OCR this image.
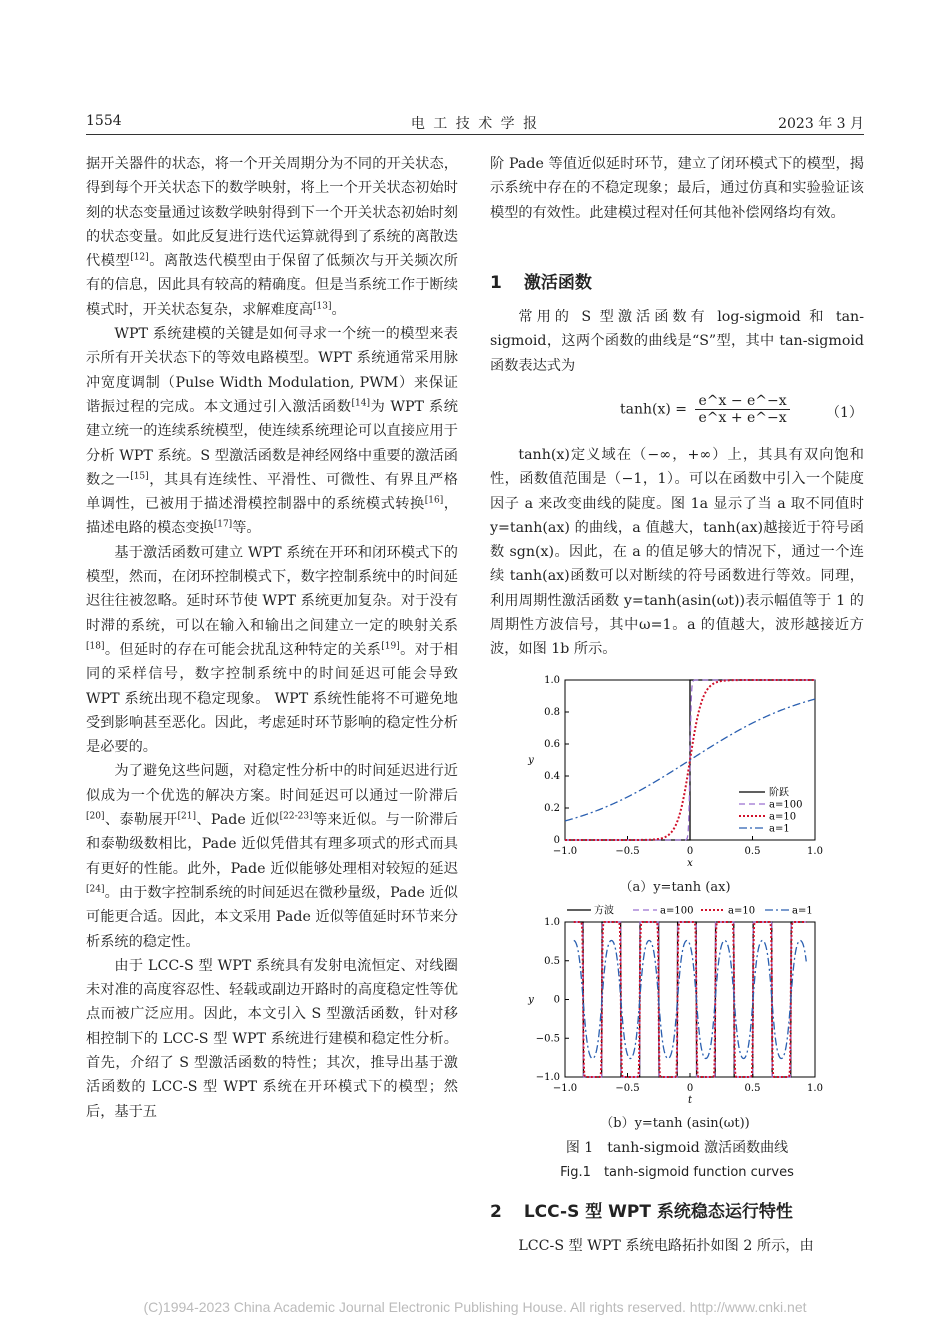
1554	电 工 技 术 学 报	2023 年 3 月

据开关器件的状态，将一个开关周期分为不同的开关状态，得到每个开关状态下的数学映射，将上一个开关状态初始时刻的状态变量通过该数学映射得到下一个开关状态初始时刻的状态变量。如此反复进行迭代运算就得到了系统的离散迭代模型[12]。离散迭代模型由于保留了低频次与开关频次所有的信息，因此具有较高的精确度。但是当系统工作于断续模式时，开关状态复杂，求解难度高[13]。

WPT 系统建模的关键是如何寻求一个统一的模型来表示所有开关状态下的等效电路模型。WPT 系统通常采用脉冲宽度调制（Pulse Width Modulation, PWM）来保证谐振过程的完成。本文通过引入激活函数[14]为 WPT 系统建立统一的连续系统模型，使连续系统理论可以直接应用于分析 WPT 系统。S 型激活函数是神经网络中重要的激活函数之一[15]，其具有连续性、平滑性、可微性、有界且严格单调性，已被用于描述滑模控制器中的系统模式转换[16]，描述电路的模态变换[17]等。

基于激活函数可建立 WPT 系统在开环和闭环模式下的模型，然而，在闭环控制模式下，数字控制系统中的时间延迟往往被忽略。延时环节使 WPT 系统更加复杂。对于没有时滞的系统，可以在输入和输出之间建立一定的映射关系[18]。但延时的存在可能会扰乱这种特定的关系[19]。对于相同的采样信号，数字控制系统中的时间延迟可能会导致 WPT 系统出现不稳定现象。 WPT 系统性能将不可避免地受到影响甚至恶化。因此，考虑延时环节影响的稳定性分析是必要的。

为了避免这些问题，对稳定性分析中的时间延迟进行近似成为一个优选的解决方案。时间延迟可以通过一阶滞后[20]、泰勒展开[21]、Pade 近似[22-23]等来近似。与一阶滞后和泰勒级数相比，Pade 近似凭借其有理多项式的形式而具有更好的性能。此外，Pade 近似能够处理相对较短的延迟[24]。由于数字控制系统的时间延迟在微秒量级，Pade 近似可能更合适。因此，本文采用 Pade 近似等值延时环节来分析系统的稳定性。

由于 LCC-S 型 WPT 系统具有发射电流恒定、对线圈未对准的高度容忍性、轻载或副边开路时的高度稳定性等优点而被广泛应用。因此，本文引入 S 型激活函数，针对移相控制下的 LCC-S 型 WPT 系统进行建模和稳定性分析。首先，介绍了 S 型激活函数的特性；其次，推导出基于激活函数的 LCC-S 型 WPT 系统在开环模式下的模型；然后，基于五

阶 Pade 等值近似延时环节，建立了闭环模式下的模型，揭示系统中存在的不稳定现象；最后，通过仿真和实验验证该模型的有效性。此建模过程对任何其他补偿网络均有效。

1 激活函数

常用的 S 型激活函数有 log-sigmoid 和 tan-sigmoid，这两个函数的曲线是“S”型，其中 tan-sigmoid 函数表达式为

$\tanh(x) = \frac{e\^{}x - e\^{}-x}{e\^{}x + e\^{}-x}$	（1）

tanh(x)定义域在（−∞，+∞）上，其具有双向饱和性，函数值范围是（−1，1）。可以在函数中引入一个陡度因子 a 来改变曲线的陡度。图 1a 显示了当 a 取不同值时 y=tanh(ax) 的曲线，a 值越大，tanh(ax)越接近于符号函数 sgn(x)。因此，在 a 的值足够大的情况下，通过一个连续 tanh(ax)函数可以对断续的符号函数进行等效。同理，利用周期性激活函数 y=tanh(asin(ωt))表示幅值等于 1 的周期性方波信号，其中ω=1。a 的值越大，波形越接近方波，如图 1b 所示。

−1.0	−0.5	0	0.5	1.0
0
0.2
0.4
0.6
0.8
1.0
x
y
阶跃
a=100
a=10
a=1
（a）y=tanh (ax)
−1.0	−0.5	0	0.5	1.0
−1.0
−0.5
0
0.5
1.0
t
y
方波	a=100	a=10	a=1
（b）y=tanh (asin(ωt))
图 1　tanh-sigmoid 激活函数曲线
Fig.1　tanh-sigmoid function curves
2 LCC-S 型 WPT 系统稳态运行特性

LCC-S 型 WPT 系统电路拓扑如图 2 所示，由

(C)1994-2023 China Academic Journal Electronic Publishing House. All rights reserved. http://www.cnki.net
